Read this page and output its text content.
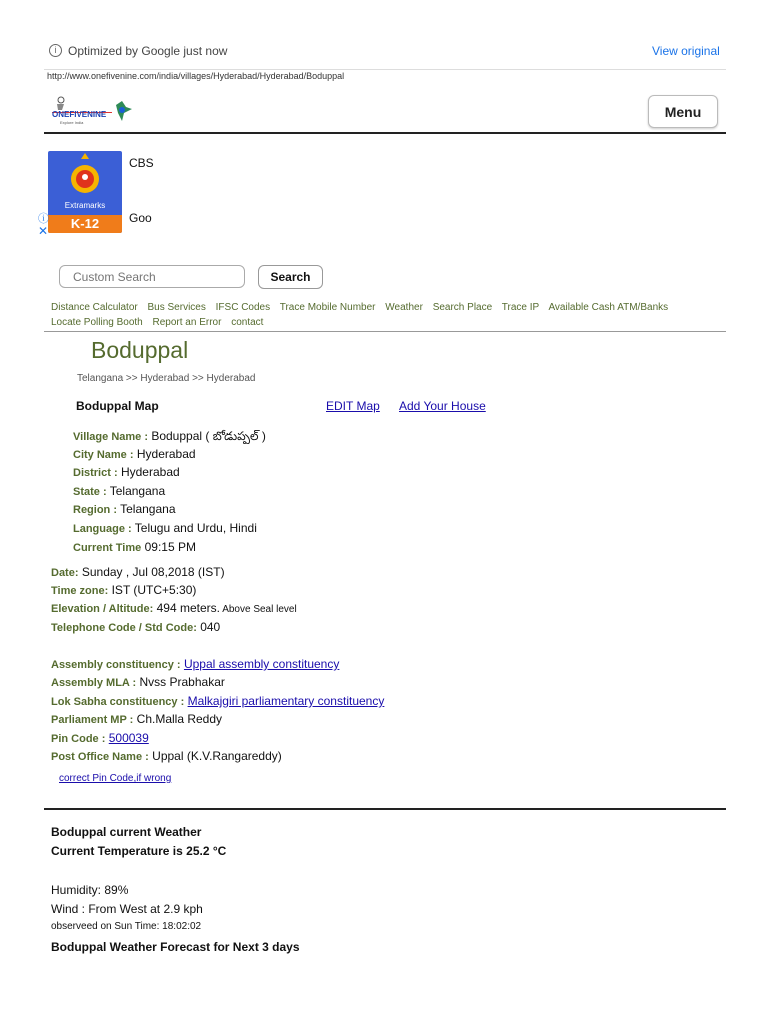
i Optimized by Google just now	View original
http://www.onefivenine.com/india/villages/Hyderabad/Hyderabad/Boduppal
ONEFIVENINE
Explore India
Menu
Extramarks
K-12
CBS
Goo
ⓘ
✕
Custom Search
Search
Distance Calculator Bus Services IFSC Codes Trace Mobile Number Weather Search Place Trace IP Available Cash ATM/Banks
Locate Polling Booth Report an Error contact
Boduppal
Telangana >> Hyderabad >> Hyderabad
Boduppal Map	EDIT Map Add Your House
Village Name : Boduppal ( బోడుప్పల్ )
City Name : Hyderabad
District : Hyderabad
State : Telangana
Region : Telangana
Language : Telugu and Urdu, Hindi
Current Time 09:15 PM
Date: Sunday , Jul 08,2018 (IST)
Time zone: IST (UTC+5:30)
Elevation / Altitude: 494 meters. Above Seal level
Telephone Code / Std Code: 040
Assembly constituency : Uppal assembly constituency
Assembly MLA : Nvss Prabhakar
Lok Sabha constituency : Malkajgiri parliamentary constituency
Parliament MP : Ch.Malla Reddy
Pin Code : 500039
Post Office Name : Uppal (K.V.Rangareddy)
correct Pin Code,if wrong
Boduppal current Weather
Current Temperature is 25.2 °C
Humidity: 89%
Wind : From West at 2.9 kph
observeed on Sun Time: 18:02:02
Boduppal Weather Forecast for Next 3 days
